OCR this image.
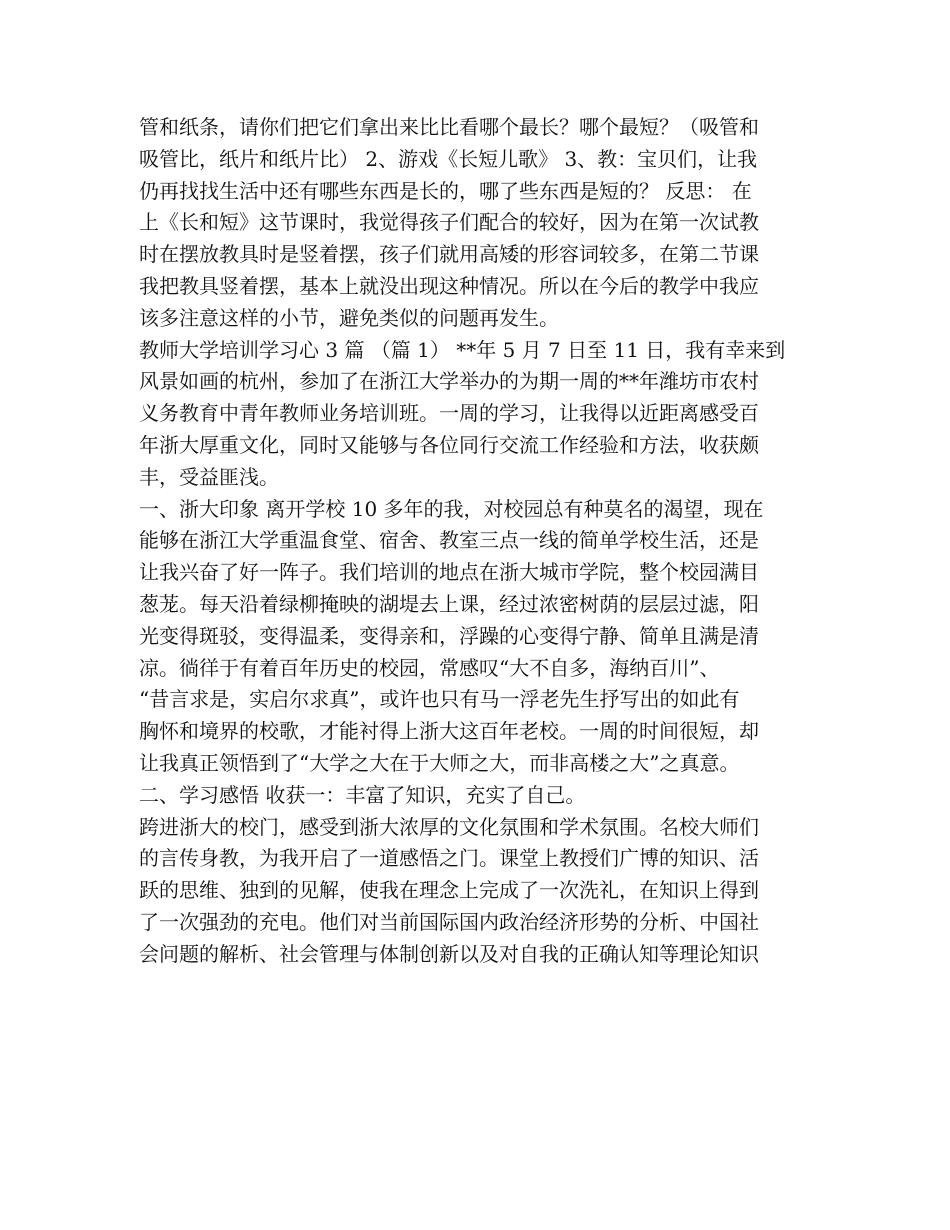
管和纸条，请你们把它们拿出来比比看哪个最长？哪个最短？（吸管和
吸管比，纸片和纸片比） 2、游戏《长短儿歌》 3、教：宝贝们，让我
仍再找找生活中还有哪些东西是长的，哪了些东西是短的？ 反思： 在
上《长和短》这节课时，我觉得孩子们配合的较好，因为在第一次试教
时在摆放教具时是竖着摆，孩子们就用高矮的形容词较多，在第二节课
我把教具竖着摆，基本上就没出现这种情况。所以在今后的教学中我应
该多注意这样的小节，避免类似的问题再发生。
教师大学培训学习心 3 篇 （篇 1） **年 5 月 7 日至 11 日，我有幸来到
风景如画的杭州，参加了在浙江大学举办的为期一周的**年潍坊市农村
义务教育中青年教师业务培训班。一周的学习，让我得以近距离感受百
年浙大厚重文化，同时又能够与各位同行交流工作经验和方法，收获颇
丰，受益匪浅。
一、浙大印象 离开学校 10 多年的我，对校园总有种莫名的渴望，现在
能够在浙江大学重温食堂、宿舍、教室三点一线的简单学校生活，还是
让我兴奋了好一阵子。我们培训的地点在浙大城市学院，整个校园满目
葱茏。每天沿着绿柳掩映的湖堤去上课，经过浓密树荫的层层过滤，阳
光变得斑驳，变得温柔，变得亲和，浮躁的心变得宁静、简单且满是清
凉。徜徉于有着百年历史的校园，常感叹“大不自多，海纳百川”、
“昔言求是，实启尔求真”，或许也只有马一浮老先生抒写出的如此有
胸怀和境界的校歌，才能衬得上浙大这百年老校。一周的时间很短，却
让我真正领悟到了“大学之大在于大师之大，而非高楼之大”之真意。
二、学习感悟 收获一：丰富了知识，充实了自己。
跨进浙大的校门，感受到浙大浓厚的文化氛围和学术氛围。名校大师们
的言传身教，为我开启了一道感悟之门。课堂上教授们广博的知识、活
跃的思维、独到的见解，使我在理念上完成了一次洗礼，在知识上得到
了一次强劲的充电。他们对当前国际国内政治经济形势的分析、中国社
会问题的解析、社会管理与体制创新以及对自我的正确认知等理论知识
